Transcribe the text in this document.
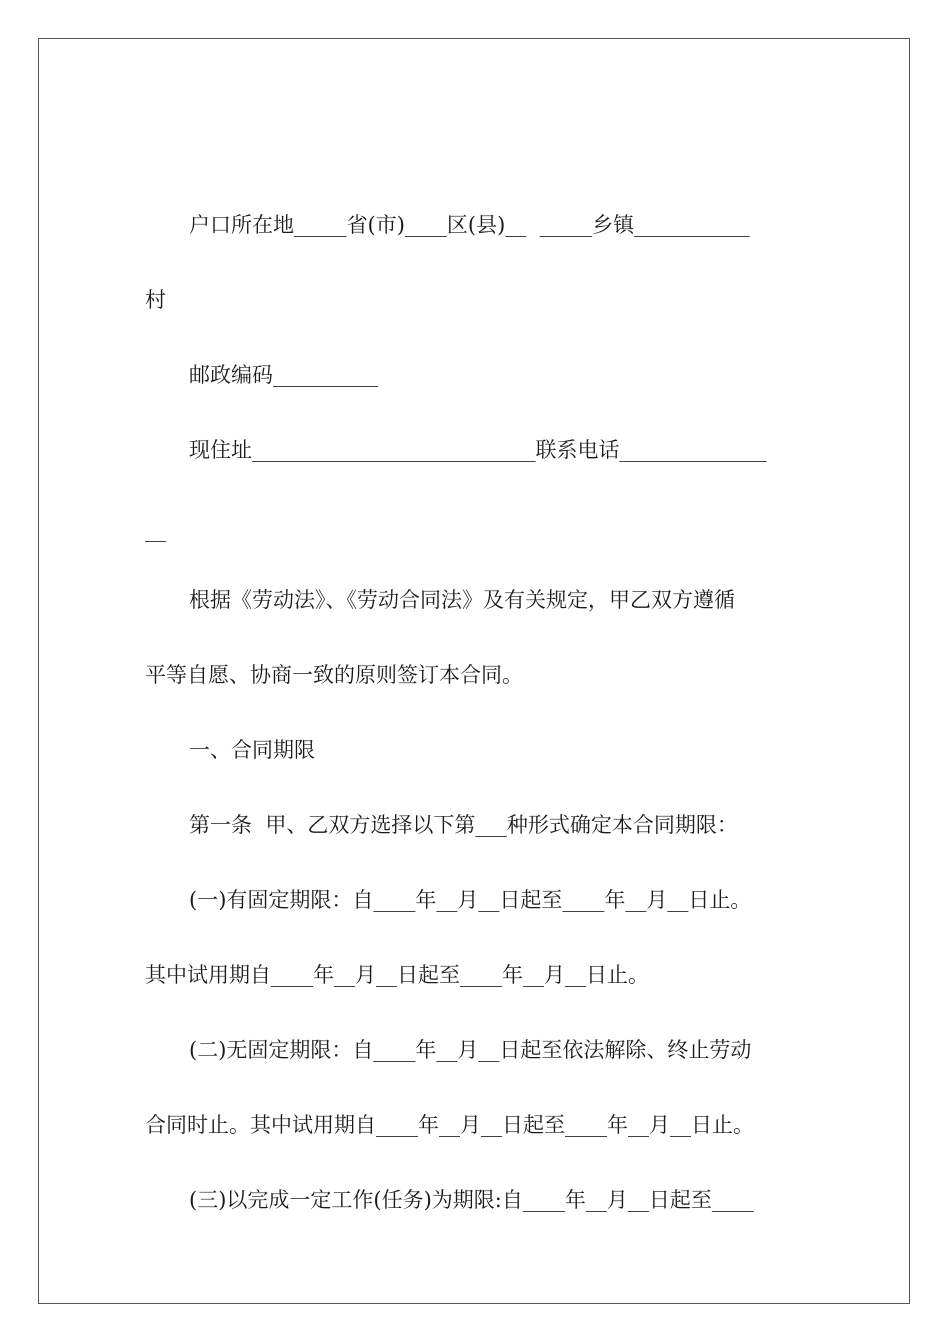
户口所在地_____省(市)____区(县)__  _____乡镇___________
村
邮政编码__________
现住址___________________________联系电话______________
__
根据《劳动法》、《劳动合同法》及有关规定，甲乙双方遵循
平等自愿、协商一致的原则签订本合同。
一、合同期限
第一条  甲、乙双方选择以下第___种形式确定本合同期限：
(一)有固定期限：自____年__月__日起至____年__月__日止。
其中试用期自____年__月__日起至____年__月__日止。
(二)无固定期限：自____年__月__日起至依法解除、终止劳动
合同时止。其中试用期自____年__月__日起至____年__月__日止。
(三)以完成一定工作(任务)为期限:自____年__月__日起至____
